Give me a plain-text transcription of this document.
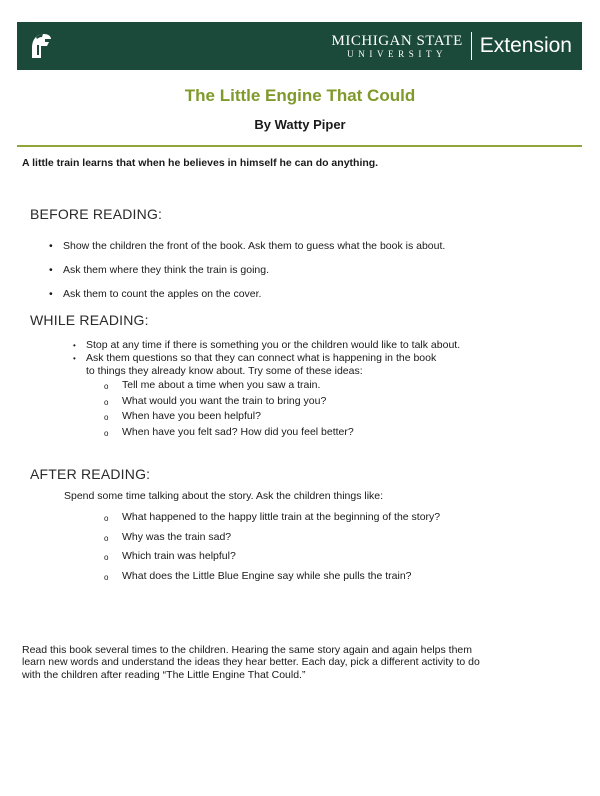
MICHIGAN STATE
UNIVERSITY Extension
The Little Engine That Could
By Watty Piper
A little train learns that when he believes in himself he can do anything.
BEFORE READING:
• Show the children the front of the book. Ask them to guess what the book is about.
• Ask them where they think the train is going.
• Ask them to count the apples on the cover.
WHILE READING:
• Stop at any time if there is something you or the children would like to talk about.
• Ask them questions so that they can connect what is happening in the book
to things they already know about. Try some of these ideas:
o Tell me about a time when you saw a train.
o What would you want the train to bring you?
o When have you been helpful?
o When have you felt sad? How did you feel better?
AFTER READING:
Spend some time talking about the story. Ask the children things like:
o What happened to the happy little train at the beginning of the story?
o Why was the train sad?
o Which train was helpful?
o What does the Little Blue Engine say while she pulls the train?
Read this book several times to the children. Hearing the same story again and again helps them
learn new words and understand the ideas they hear better. Each day, pick a different activity to do
with the children after reading “The Little Engine That Could.”
